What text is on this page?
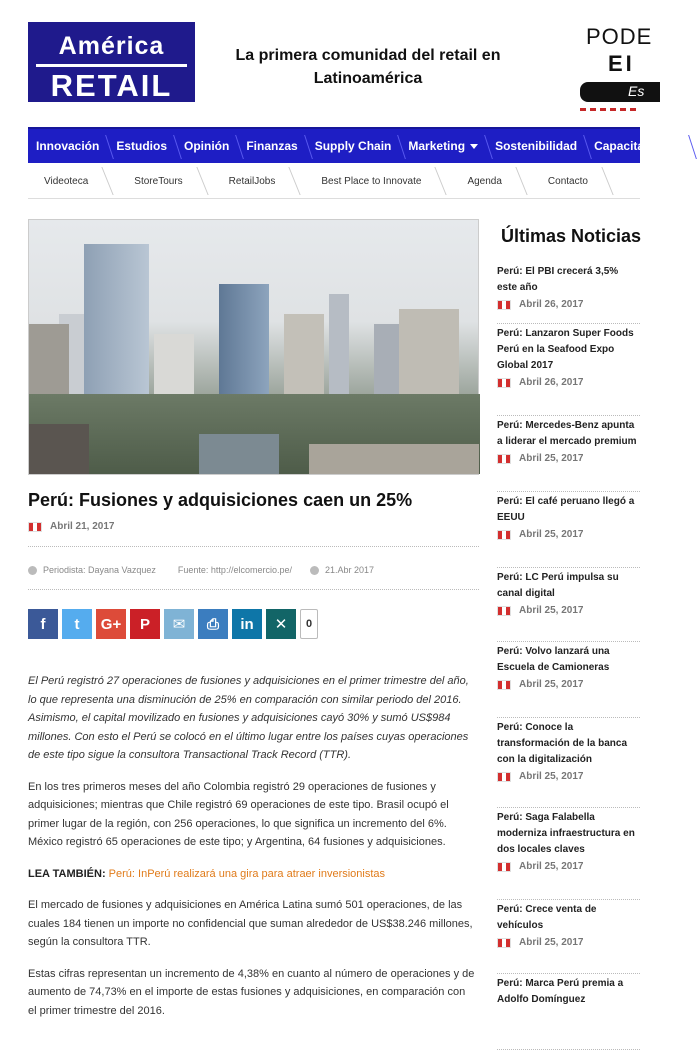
América
RETAIL
La primera comunidad del retail en Latinoamérica
PODE
EI
Es
Innovación Estudios Opinión Finanzas Supply Chain Marketing	Sostenibilidad Capacitacion
Videoteca	StoreTours	RetailJobs	Best Place to Innovate	Agenda	Contacto
Perú: Fusiones y adquisiciones caen un 25%
Abril 21, 2017
Periodista: Dayana Vazquez Fuente: http://elcomercio.pe/	21.Abr 2017
f	t	G+	P	✉	⎙	in	✕	0

El Perú registró 27 operaciones de fusiones y adquisiciones en el primer trimestre del año, lo que representa una disminución de 25% en comparación con similar periodo del 2016. Asimismo, el capital movilizado en fusiones y adquisiciones cayó 30% y sumó US$984 millones. Con esto el Perú se colocó en el último lugar entre los países cuyas operaciones de este tipo sigue la consultora Transactional Track Record (TTR).

En los tres primeros meses del año Colombia registró 29 operaciones de fusiones y adquisiciones; mientras que Chile registró 69 operaciones de este tipo. Brasil ocupó el primer lugar de la región, con 256 operaciones, lo que significa un incremento del 6%. México registró 65 operaciones de este tipo; y Argentina, 64 fusiones y adquisiciones.

LEA TAMBIÉN: Perú: InPerú realizará una gira para atraer inversionistas

El mercado de fusiones y adquisiciones en América Latina sumó 501 operaciones, de las cuales 184 tienen un importe no confidencial que suman alrededor de US$38.246 millones, según la consultora TTR.

Estas cifras representan un incremento de 4,38% en cuanto al número de operaciones y de aumento de 74,73% en el importe de estas fusiones y adquisiciones, en comparación con el primer trimestre del 2016.

Últimas Noticias
Perú: El PBI crecerá 3,5% este año
Abril 26, 2017
Perú: Lanzaron Super Foods Perú en la Seafood Expo Global 2017
Abril 26, 2017
Perú: Mercedes-Benz apunta a liderar el mercado premium
Abril 25, 2017
Perú: El café peruano llegó a EEUU
Abril 25, 2017
Perú: LC Perú impulsa su canal digital
Abril 25, 2017
Perú: Volvo lanzará una Escuela de Camioneras
Abril 25, 2017
Perú: Conoce la transformación de la banca con la digitalización
Abril 25, 2017
Perú: Saga Falabella moderniza infraestructura en dos locales claves
Abril 25, 2017
Perú: Crece venta de vehículos
Abril 25, 2017
Perú: Marca Perú premia a Adolfo Domínguez
